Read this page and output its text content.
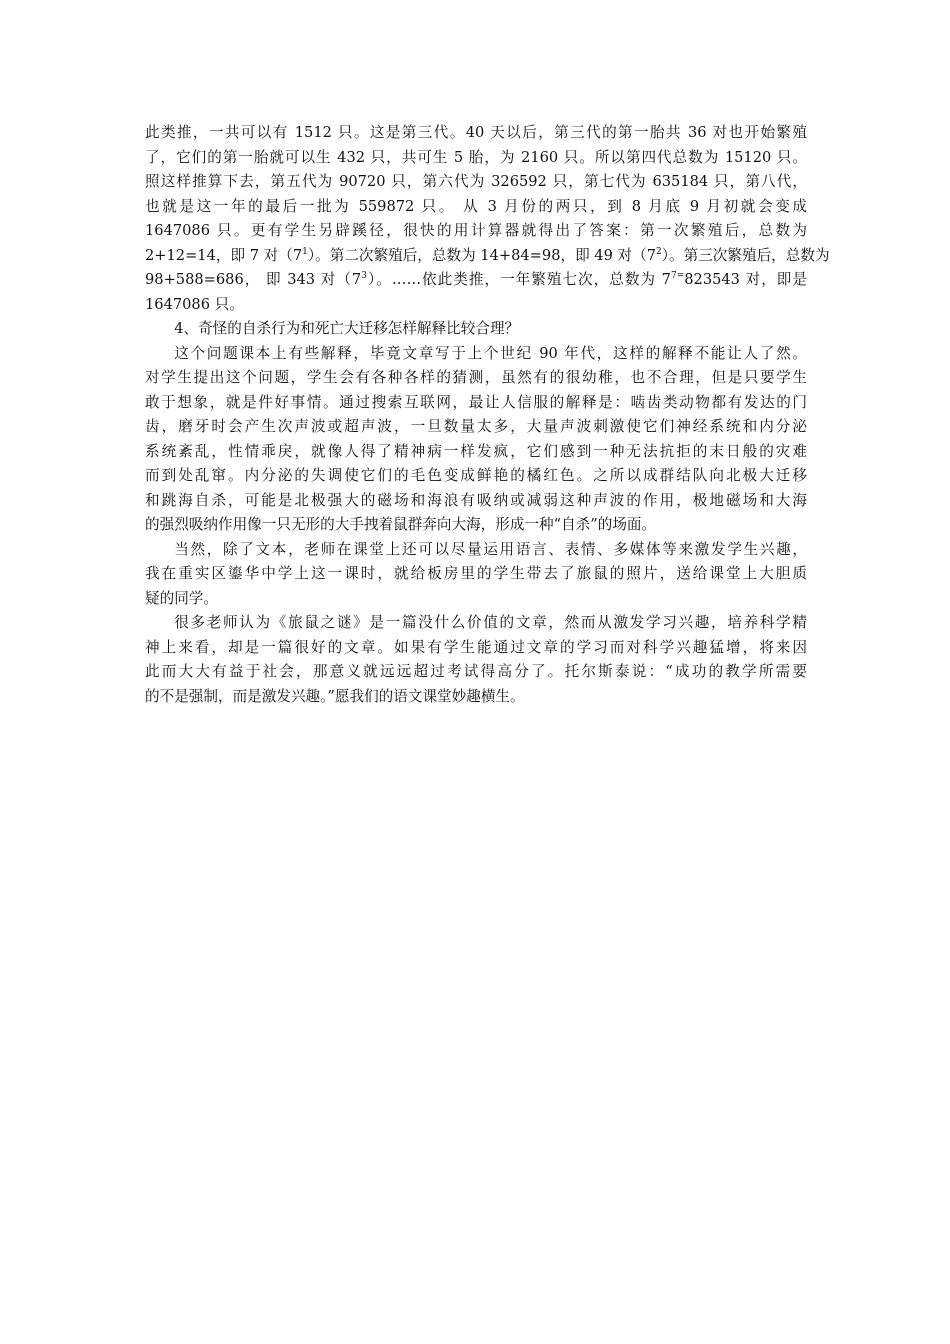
此类推，一共可以有 1512 只。这是第三代。40 天以后，第三代的第一胎共 36 对也开始繁殖
了，它们的第一胎就可以生 432 只，共可生 5 胎，为 2160 只。所以第四代总数为 15120 只。
照这样推算下去，第五代为 90720 只，第六代为 326592 只，第七代为 635184 只，第八代，
也就是这一年的最后一批为 559872 只。 从 3 月份的两只，到 8 月底 9 月初就会变成
1647086 只。更有学生另辟蹊径，很快的用计算器就得出了答案：第一次繁殖后，总数为
2+12=14，即 7 对$(7^1)$。第二次繁殖后，总数为 14+84=98，即 49 对$(7^2)$。第三次繁殖后，总数为
98+588=686， 即 343 对$(7^3)$。……依此类推，一年繁殖七次，总数为 $7^{7=}823543$ 对，即是
1647086 只。

4、奇怪的自杀行为和死亡大迁移怎样解释比较合理？

这个问题课本上有些解释，毕竟文章写于上个世纪 90 年代，这样的解释不能让人了然。
对学生提出这个问题，学生会有各种各样的猜测，虽然有的很幼稚，也不合理，但是只要学生
敢于想象，就是件好事情。通过搜索互联网，最让人信服的解释是：啮齿类动物都有发达的门
齿，磨牙时会产生次声波或超声波，一旦数量太多，大量声波刺激使它们神经系统和内分泌
系统紊乱，性情乖戾，就像人得了精神病一样发疯，它们感到一种无法抗拒的末日般的灾难
而到处乱窜。内分泌的失调使它们的毛色变成鲜艳的橘红色。之所以成群结队向北极大迁移
和跳海自杀，可能是北极强大的磁场和海浪有吸纳或减弱这种声波的作用，极地磁场和大海
的强烈吸纳作用像一只无形的大手拽着鼠群奔向大海，形成一种“自杀”的场面。

当然，除了文本，老师在课堂上还可以尽量运用语言、表情、多媒体等来激发学生兴趣，
我在重实区鎏华中学上这一课时，就给板房里的学生带去了旅鼠的照片，送给课堂上大胆质
疑的同学。

很多老师认为《旅鼠之谜》是一篇没什么价值的文章，然而从激发学习兴趣，培养科学精
神上来看，却是一篇很好的文章。如果有学生能通过文章的学习而对科学兴趣猛增，将来因
此而大大有益于社会，那意义就远远超过考试得高分了。托尔斯泰说：“成功的教学所需要
的不是强制，而是激发兴趣。”愿我们的语文课堂妙趣横生。
